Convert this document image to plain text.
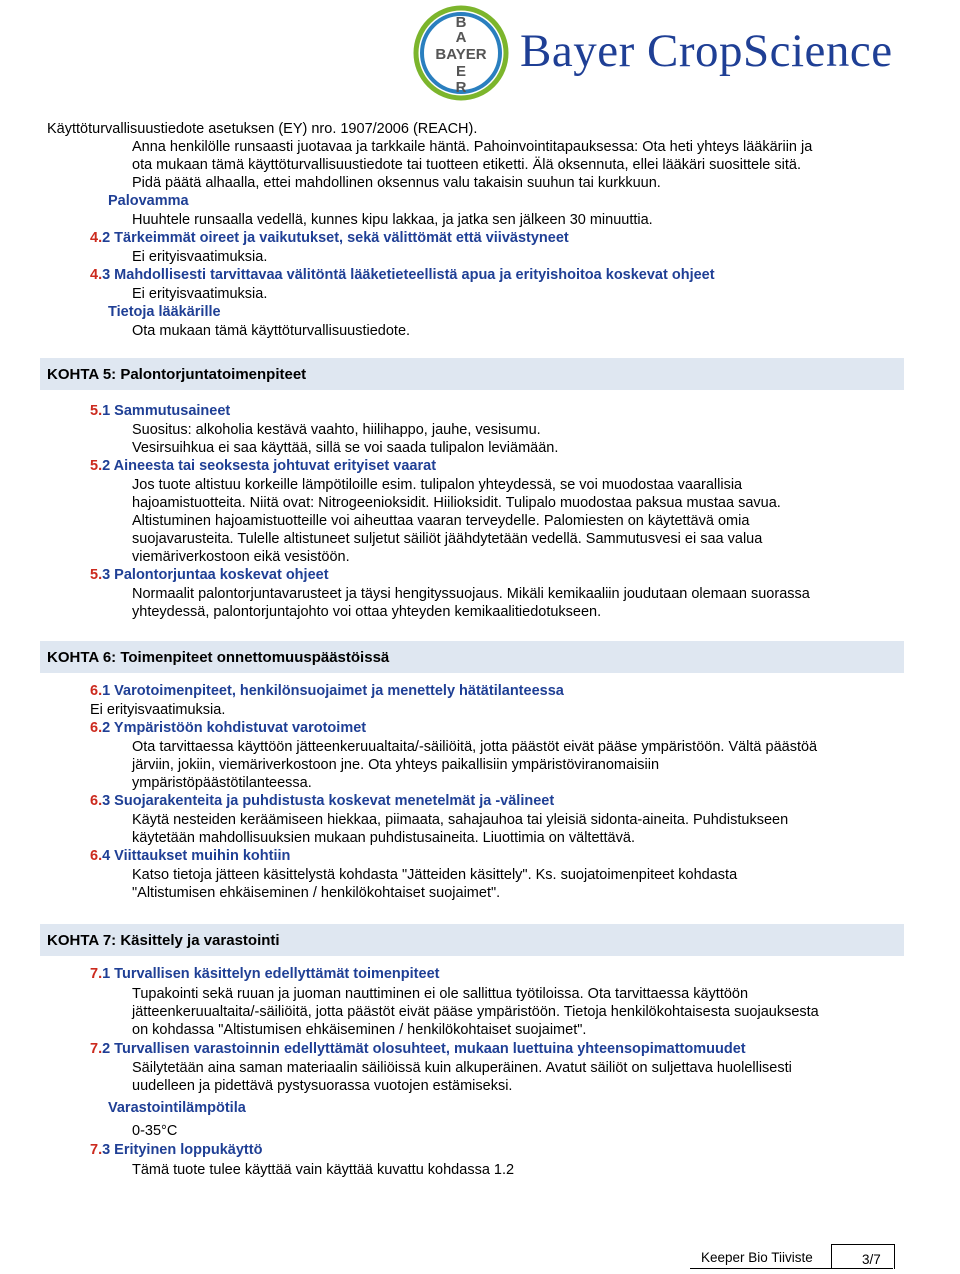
B
A
BAYER
E
R
Bayer CropScience
Käyttöturvallisuustiedote asetuksen (EY) nro. 1907/2006 (REACH).
Anna henkilölle runsaasti juotavaa ja tarkkaile häntä. Pahoinvointitapauksessa: Ota heti yhteys lääkäriin ja
ota mukaan tämä käyttöturvallisuustiedote tai tuotteen etiketti. Älä oksennuta, ellei lääkäri suosittele sitä.
Pidä päätä alhaalla, ettei mahdollinen oksennus valu takaisin suuhun tai kurkkuun.
Palovamma
Huuhtele runsaalla vedellä, kunnes kipu lakkaa, ja jatka sen jälkeen 30 minuuttia.
4.2 Tärkeimmät oireet ja vaikutukset, sekä välittömät että viivästyneet
Ei erityisvaatimuksia.
4.3 Mahdollisesti tarvittavaa välitöntä lääketieteellistä apua ja erityishoitoa koskevat ohjeet
Ei erityisvaatimuksia.
Tietoja lääkärille
Ota mukaan tämä käyttöturvallisuustiedote.
KOHTA 5: Palontorjuntatoimenpiteet
5.1 Sammutusaineet
Suositus: alkoholia kestävä vaahto, hiilihappo, jauhe, vesisumu.
Vesirsuihkua ei saa käyttää, sillä se voi saada tulipalon leviämään.
5.2 Aineesta tai seoksesta johtuvat erityiset vaarat
Jos tuote altistuu korkeille lämpötiloille esim. tulipalon yhteydessä, se voi muodostaa vaarallisia
hajoamistuotteita. Niitä ovat: Nitrogeenioksidit. Hiilioksidit. Tulipalo muodostaa paksua mustaa savua.
Altistuminen hajoamistuotteille voi aiheuttaa vaaran terveydelle. Palomiesten on käytettävä omia
suojavarusteita. Tulelle altistuneet suljetut säiliöt jäähdytetään vedellä. Sammutusvesi ei saa valua
viemäriverkostoon eikä vesistöön.
5.3 Palontorjuntaa koskevat ohjeet
Normaalit palontorjuntavarusteet ja täysi hengityssuojaus. Mikäli kemikaaliin joudutaan olemaan suorassa
yhteydessä, palontorjuntajohto voi ottaa yhteyden kemikaalitiedotukseen.
KOHTA 6: Toimenpiteet onnettomuuspäästöissä
6.1 Varotoimenpiteet, henkilönsuojaimet ja menettely hätätilanteessa
Ei erityisvaatimuksia.
6.2 Ympäristöön kohdistuvat varotoimet
Ota tarvittaessa käyttöön jätteenkeruualtaita/-säiliöitä, jotta päästöt eivät pääse ympäristöön. Vältä päästöä
järviin, jokiin, viemäriverkostoon jne. Ota yhteys paikallisiin ympäristöviranomaisiin
ympäristöpäästötilanteessa.
6.3 Suojarakenteita ja puhdistusta koskevat menetelmät ja -välineet
Käytä nesteiden keräämiseen hiekkaa, piimaata, sahajauhoa tai yleisiä sidonta-aineita. Puhdistukseen
käytetään mahdollisuuksien mukaan puhdistusaineita. Liuottimia on vältettävä.
6.4 Viittaukset muihin kohtiin
Katso tietoja jätteen käsittelystä kohdasta "Jätteiden käsittely". Ks. suojatoimenpiteet kohdasta
"Altistumisen ehkäiseminen / henkilökohtaiset suojaimet".
KOHTA 7: Käsittely ja varastointi
7.1 Turvallisen käsittelyn edellyttämät toimenpiteet
Tupakointi sekä ruuan ja juoman nauttiminen ei ole sallittua työtiloissa. Ota tarvittaessa käyttöön
jätteenkeruualtaita/-säiliöitä, jotta päästöt eivät pääse ympäristöön. Tietoja henkilökohtaisesta suojauksesta
on kohdassa "Altistumisen ehkäiseminen / henkilökohtaiset suojaimet".
7.2 Turvallisen varastoinnin edellyttämät olosuhteet, mukaan luettuina yhteensopimattomuudet
Säilytetään aina saman materiaalin säiliöissä kuin alkuperäinen. Avatut säiliöt on suljettava huolellisesti
uudelleen ja pidettävä pystysuorassa vuotojen estämiseksi.
Varastointilämpötila
0-35°C
7.3 Erityinen loppukäyttö
Tämä tuote tulee käyttää vain käyttää kuvattu kohdassa 1.2
Keeper Bio Tiiviste	3/7
